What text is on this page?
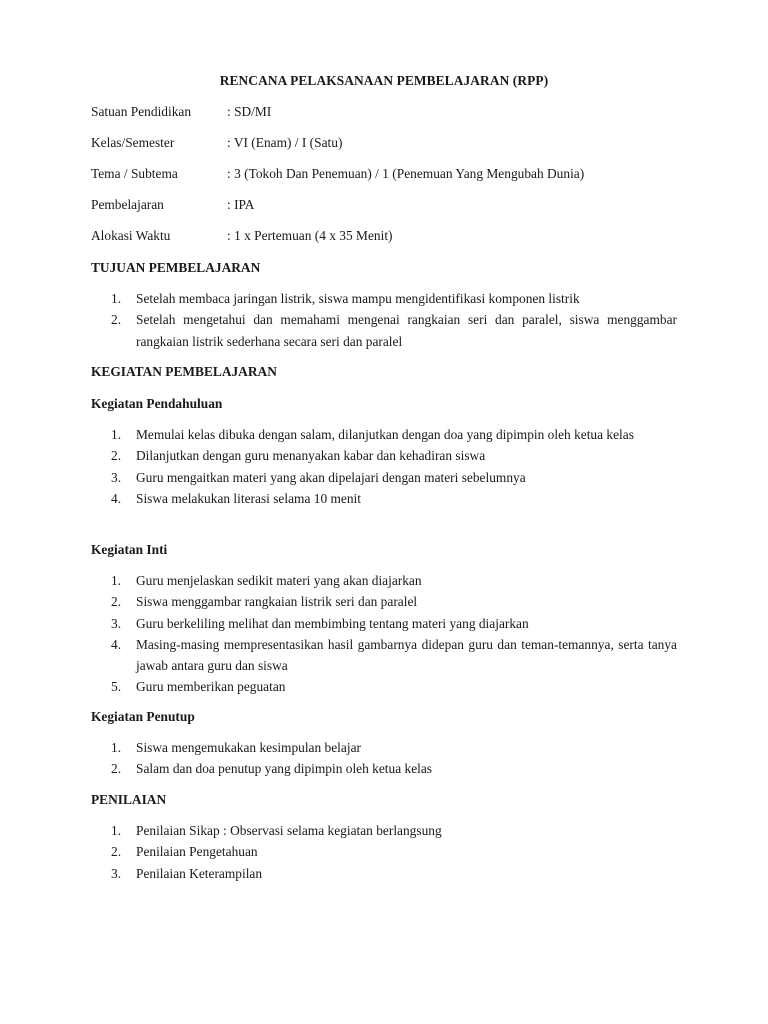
RENCANA PELAKSANAAN PEMBELAJARAN (RPP)
Satuan Pendidikan	: SD/MI
Kelas/Semester	: VI (Enam) / I (Satu)
Tema / Subtema	: 3 (Tokoh Dan Penemuan) / 1 (Penemuan Yang Mengubah Dunia)
Pembelajaran	: IPA
Alokasi Waktu	: 1 x Pertemuan (4 x 35 Menit)
TUJUAN PEMBELAJARAN
1. Setelah membaca jaringan listrik, siswa mampu mengidentifikasi komponen listrik
2. Setelah mengetahui dan memahami mengenai rangkaian seri dan paralel, siswa menggambar rangkaian listrik sederhana secara seri dan paralel
KEGIATAN PEMBELAJARAN
Kegiatan Pendahuluan
1. Memulai kelas dibuka dengan salam, dilanjutkan dengan doa yang dipimpin oleh ketua kelas
2. Dilanjutkan dengan guru menanyakan kabar dan kehadiran siswa
3. Guru mengaitkan materi yang akan dipelajari dengan materi sebelumnya
4. Siswa melakukan literasi selama 10 menit
Kegiatan Inti
1. Guru menjelaskan sedikit materi yang akan diajarkan
2. Siswa menggambar rangkaian listrik seri dan paralel
3. Guru berkeliling melihat dan membimbing tentang materi yang diajarkan
4. Masing-masing mempresentasikan hasil gambarnya didepan guru dan teman-temannya, serta tanya jawab antara guru dan siswa
5. Guru memberikan peguatan
Kegiatan Penutup
1. Siswa mengemukakan kesimpulan belajar
2. Salam dan doa penutup yang dipimpin oleh ketua kelas
PENILAIAN
1. Penilaian Sikap : Observasi selama kegiatan berlangsung
2. Penilaian Pengetahuan
3. Penilaian Keterampilan
